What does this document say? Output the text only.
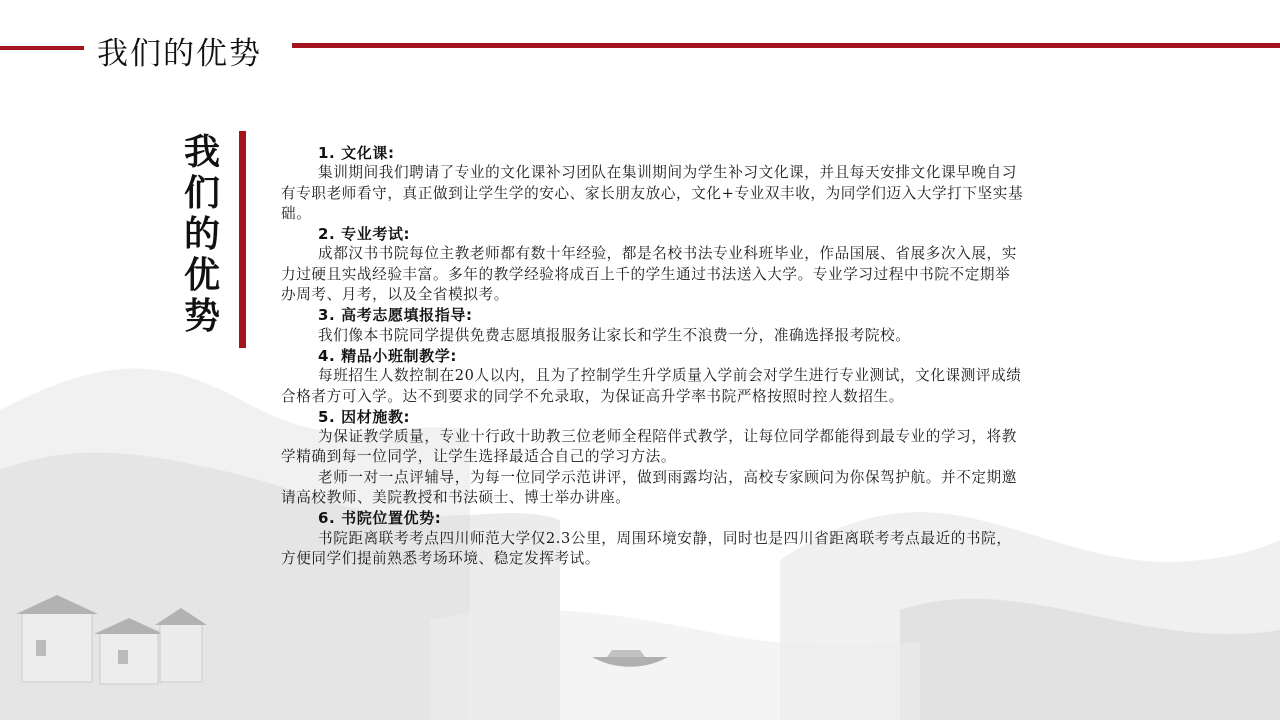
我们的优势
我
们
的
优
势
1. 文化课:

集训期间我们聘请了专业的文化课补习团队在集训期间为学生补习文化课，并且每天安排文化课早晚自习有专职老师看守，真正做到让学生学的安心、家长朋友放心，文化+专业双丰收，为同学们迈入大学打下坚实基础。

2. 专业考试:

成都汉书书院每位主教老师都有数十年经验，都是名校书法专业科班毕业，作品国展、省展多次入展，实力过硬且实战经验丰富。多年的教学经验将成百上千的学生通过书法送入大学。专业学习过程中书院不定期举办周考、月考，以及全省模拟考。

3. 高考志愿填报指导:

我们像本书院同学提供免费志愿填报服务让家长和学生不浪费一分，准确选择报考院校。

4. 精品小班制教学:

每班招生人数控制在20人以内，且为了控制学生升学质量入学前会对学生进行专业测试，文化课测评成绩合格者方可入学。达不到要求的同学不允录取，为保证高升学率书院严格按照时控人数招生。

5. 因材施教:

为保证教学质量，专业十行政十助教三位老师全程陪伴式教学，让每位同学都能得到最专业的学习，将教学精确到每一位同学，让学生选择最适合自己的学习方法。

老师一对一点评辅导，为每一位同学示范讲评，做到雨露均沾，高校专家顾问为你保驾护航。并不定期邀请高校教师、美院教授和书法硕士、博士举办讲座。

6. 书院位置优势:

书院距离联考考点四川师范大学仅2.3公里，周围环境安静，同时也是四川省距离联考考点最近的书院，方便同学们提前熟悉考场环境、稳定发挥考试。
